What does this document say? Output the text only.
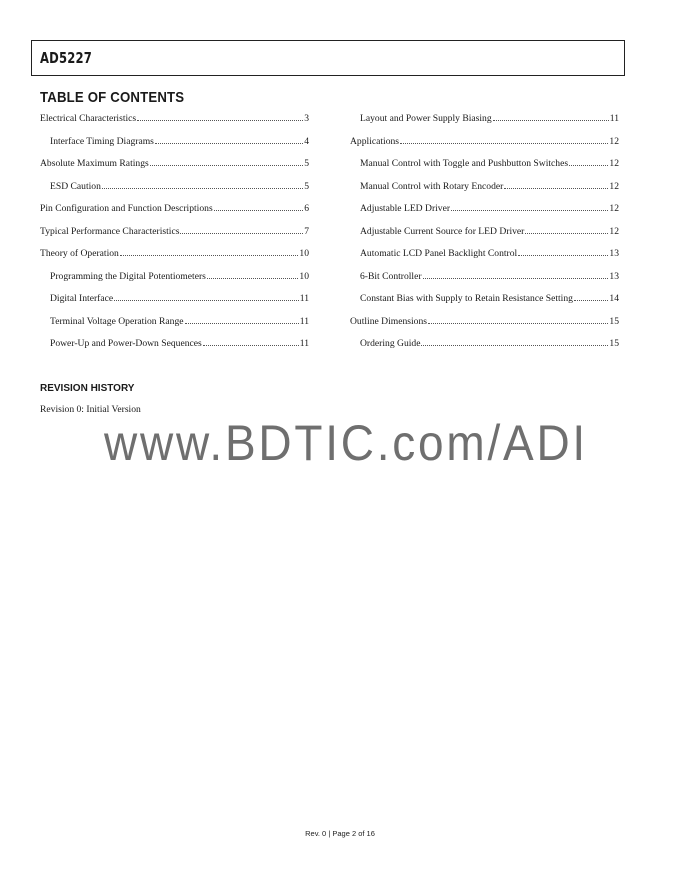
AD5227
TABLE OF CONTENTS
Electrical Characteristics	3
Interface Timing Diagrams	4
Absolute Maximum Ratings	5
ESD Caution	5
Pin Configuration and Function Descriptions	6
Typical Performance Characteristics	7
Theory of Operation	10
Programming the Digital Potentiometers	10
Digital Interface	11
Terminal Voltage Operation Range	11
Power-Up and Power-Down Sequences	11
Layout and Power Supply Biasing	11
Applications	12
Manual Control with Toggle and Pushbutton Switches	12
Manual Control with Rotary Encoder	12
Adjustable LED Driver	12
Adjustable Current Source for LED Driver	12
Automatic LCD Panel Backlight Control	13
6-Bit Controller	13
Constant Bias with Supply to Retain Resistance Setting	14
Outline Dimensions	15
Ordering Guide	15
REVISION HISTORY
Revision 0: Initial Version
www.BDTIC.com/ADI
Rev. 0 | Page 2 of 16
